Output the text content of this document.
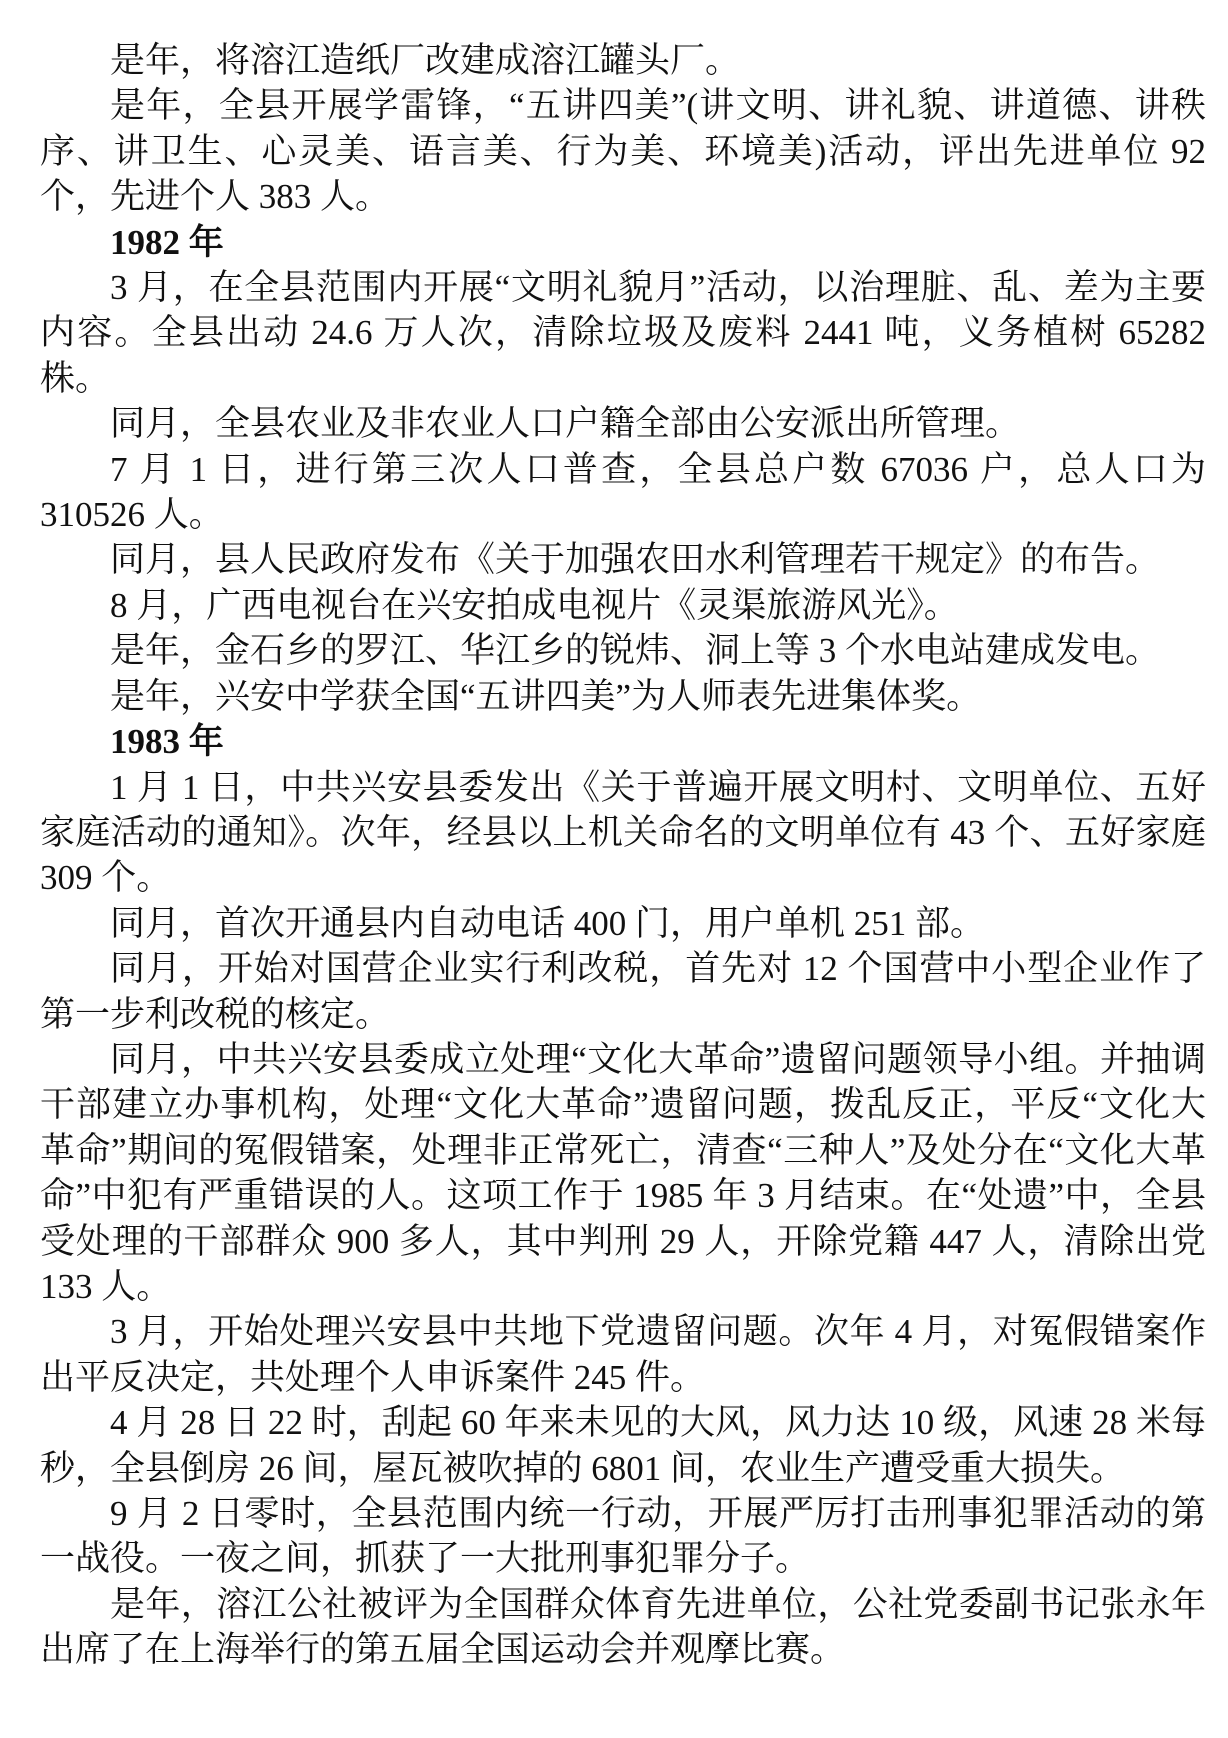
是年，将溶江造纸厂改建成溶江罐头厂。

是年，全县开展学雷锋，“五讲四美”(讲文明、讲礼貌、讲道德、讲秩序、讲卫生、心灵美、语言美、行为美、环境美)活动，评出先进单位 92 个，先进个人 383 人。

1982 年

3 月，在全县范围内开展“文明礼貌月”活动，以治理脏、乱、差为主要内容。全县出动 24.6 万人次，清除垃圾及废料 2441 吨，义务植树 65282 株。

同月，全县农业及非农业人口户籍全部由公安派出所管理。

7 月 1 日，进行第三次人口普查，全县总户数 67036 户，总人口为 310526 人。

同月，县人民政府发布《关于加强农田水利管理若干规定》的布告。

8 月，广西电视台在兴安拍成电视片《灵渠旅游风光》。

是年，金石乡的罗江、华江乡的锐炜、洞上等 3 个水电站建成发电。

是年，兴安中学获全国“五讲四美”为人师表先进集体奖。

1983 年

1 月 1 日，中共兴安县委发出《关于普遍开展文明村、文明单位、五好家庭活动的通知》。次年，经县以上机关命名的文明单位有 43 个、五好家庭 309 个。

同月，首次开通县内自动电话 400 门，用户单机 251 部。

同月，开始对国营企业实行利改税，首先对 12 个国营中小型企业作了第一步利改税的核定。

同月，中共兴安县委成立处理“文化大革命”遗留问题领导小组。并抽调干部建立办事机构，处理“文化大革命”遗留问题，拨乱反正，平反“文化大革命”期间的冤假错案，处理非正常死亡，清查“三种人”及处分在“文化大革命”中犯有严重错误的人。这项工作于 1985 年 3 月结束。在“处遗”中，全县受处理的干部群众 900 多人，其中判刑 29 人，开除党籍 447 人，清除出党 133 人。

3 月，开始处理兴安县中共地下党遗留问题。次年 4 月，对冤假错案作出平反决定，共处理个人申诉案件 245 件。

4 月 28 日 22 时，刮起 60 年来未见的大风，风力达 10 级，风速 28 米每秒，全县倒房 26 间，屋瓦被吹掉的 6801 间，农业生产遭受重大损失。

9 月 2 日零时，全县范围内统一行动，开展严厉打击刑事犯罪活动的第一战役。一夜之间，抓获了一大批刑事犯罪分子。

是年，溶江公社被评为全国群众体育先进单位，公社党委副书记张永年出席了在上海举行的第五届全国运动会并观摩比赛。
